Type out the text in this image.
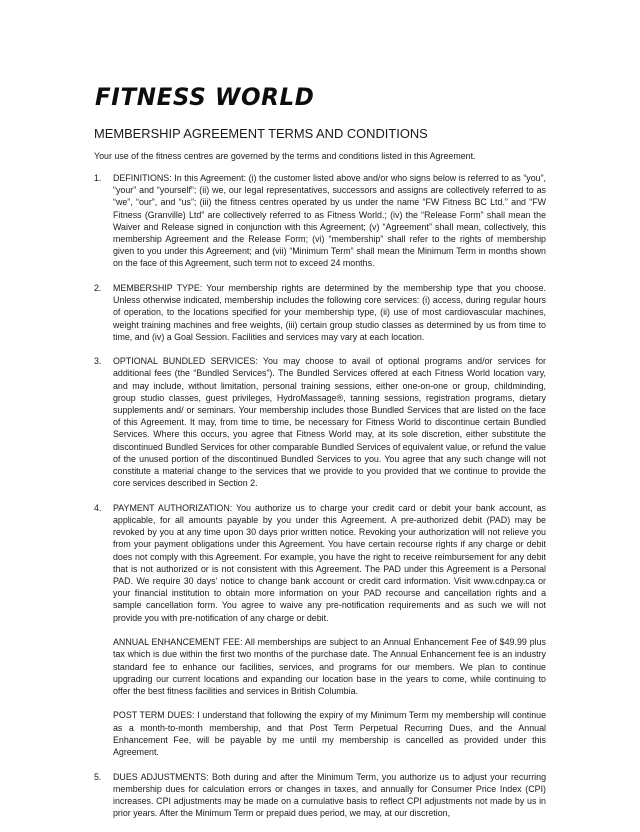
FITNESS WORLD
MEMBERSHIP AGREEMENT TERMS AND CONDITIONS

Your use of the fitness centres are governed by the terms and conditions listed in this Agreement.

1.	DEFINITIONS: In this Agreement: (i) the customer listed above and/or who signs below is referred to as “you”, “your” and “yourself”; (ii) we, our legal representatives, successors and assigns are collectively referred to as “we”, “our”, and “us”; (iii) the fitness centres operated by us under the name “FW Fitness BC Ltd.” and “FW Fitness (Granville) Ltd” are collectively referred to as Fitness World.; (iv) the “Release Form” shall mean the Waiver and Release signed in conjunction with this Agreement; (v) “Agreement” shall mean, collectively, this membership Agreement and the Release Form; (vi) “membership” shall refer to the rights of membership given to you under this Agreement; and (vii) “Minimum Term” shall mean the Minimum Term in months shown on the face of this Agreement, such term not to exceed 24 months.

2.	MEMBERSHIP TYPE: Your membership rights are determined by the membership type that you choose. Unless otherwise indicated, membership includes the following core services: (i) access, during regular hours of operation, to the locations specified for your membership type, (ii) use of most cardiovascular machines, weight training machines and free weights, (iii) certain group studio classes as determined by us from time to time, and (iv) a Goal Session. Facilities and services may vary at each location.

3.	OPTIONAL BUNDLED SERVICES: You may choose to avail of optional programs and/or services for additional fees (the “Bundled Services”). The Bundled Services offered at each Fitness World location vary, and may include, without limitation, personal training sessions, either one-on-one or group, childminding, group studio classes, guest privileges, HydroMassage®, tanning sessions, registration programs, dietary supplements and/ or seminars. Your membership includes those Bundled Services that are listed on the face of this Agreement. It may, from time to time, be necessary for Fitness World to discontinue certain Bundled Services. Where this occurs, you agree that Fitness World may, at its sole discretion, either substitute the discontinued Bundled Services for other comparable Bundled Services of equivalent value, or refund the value of the unused portion of the discontinued Bundled Services to you. You agree that any such change will not constitute a material change to the services that we provide to you provided that we continue to provide the core services described in Section 2.

4.	PAYMENT AUTHORIZATION: You authorize us to charge your credit card or debit your bank account, as applicable, for all amounts payable by you under this Agreement. A pre-authorized debit (PAD) may be revoked by you at any time upon 30 days prior written notice. Revoking your authorization will not relieve you from your payment obligations under this Agreement. You have certain recourse rights if any charge or debit does not comply with this Agreement. For example, you have the right to receive reimbursement for any debit that is not authorized or is not consistent with this Agreement. The PAD under this Agreement is a Personal PAD. We require 30 days’ notice to change bank account or credit card information. Visit www.cdnpay.ca or your financial institution to obtain more information on your PAD recourse and cancellation rights and a sample cancellation form. You agree to waive any pre-notification requirements and as such we will not provide you with pre-notification of any charge or debit.

ANNUAL ENHANCEMENT FEE: All memberships are subject to an Annual Enhancement Fee of $49.99 plus tax which is due within the first two months of the purchase date. The Annual Enhancement fee is an industry standard fee to enhance our facilities, services, and programs for our members. We plan to continue upgrading our current locations and expanding our location base in the years to come, while continuing to offer the best fitness facilities and services in British Columbia.

POST TERM DUES: I understand that following the expiry of my Minimum Term my membership will continue as a month-to-month membership, and that Post Term Perpetual Recurring Dues, and the Annual Enhancement Fee, will be payable by me until my membership is cancelled as provided under this Agreement.

5.	DUES ADJUSTMENTS: Both during and after the Minimum Term, you authorize us to adjust your recurring membership dues for calculation errors or changes in taxes, and annually for Consumer Price Index (CPI) increases. CPI adjustments may be made on a cumulative basis to reflect CPI adjustments not made by us in prior years. After the Minimum Term or prepaid dues period, we may, at our discretion,
